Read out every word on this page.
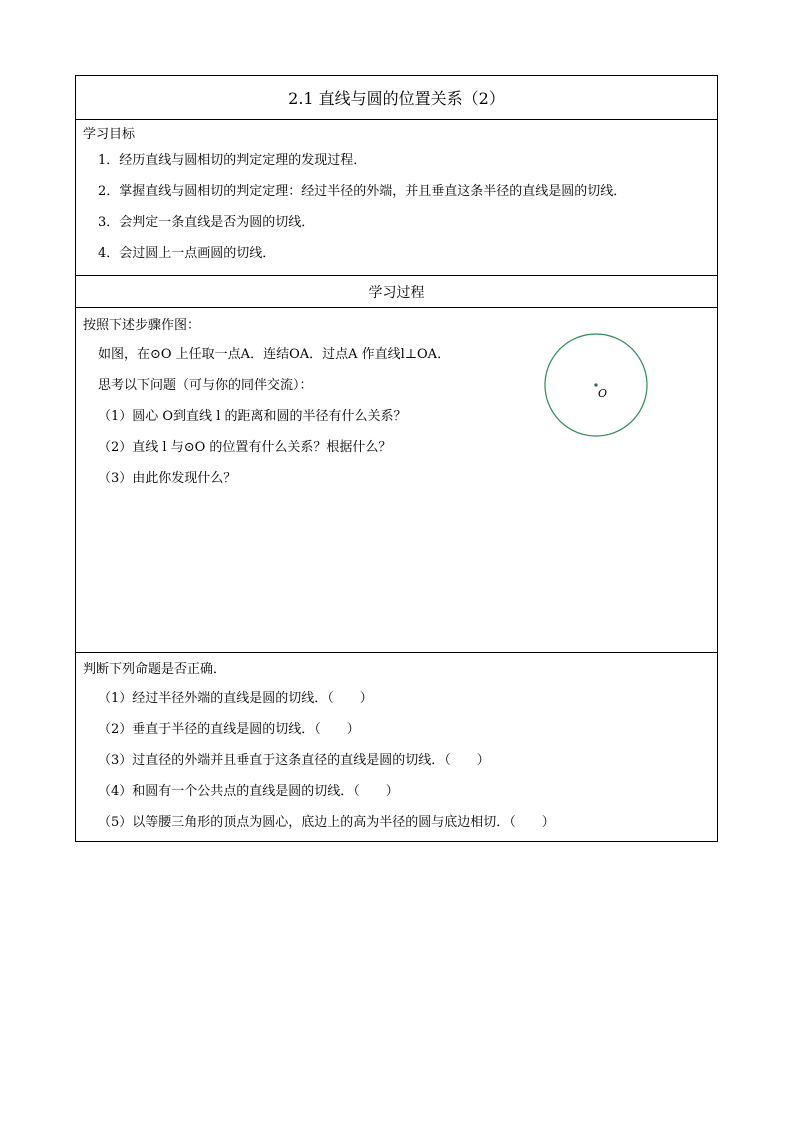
2.1 直线与圆的位置关系（2）
学习目标
1．经历直线与圆相切的判定定理的发现过程．
2．掌握直线与圆相切的判定定理：经过半径的外端，并且垂直这条半径的直线是圆的切线．
3．会判定一条直线是否为圆的切线．
4．会过圆上一点画圆的切线．
学习过程
按照下述步骤作图：
如图，在⊙O 上任取一点A．连结OA．过点A 作直线l⊥OA．
思考以下问题（可与你的同伴交流）：
（1）圆心 O到直线 l 的距离和圆的半径有什么关系？
（2）直线 l 与⊙O 的位置有什么关系？根据什么？
（3）由此你发现什么？
O
判断下列命题是否正确．
（1）经过半径外端的直线是圆的切线．（　　）
（2）垂直于半径的直线是圆的切线．（　　）
（3）过直径的外端并且垂直于这条直径的直线是圆的切线．（　　）
（4）和圆有一个公共点的直线是圆的切线．（　　）
（5）以等腰三角形的顶点为圆心，底边上的高为半径的圆与底边相切．（　　）
